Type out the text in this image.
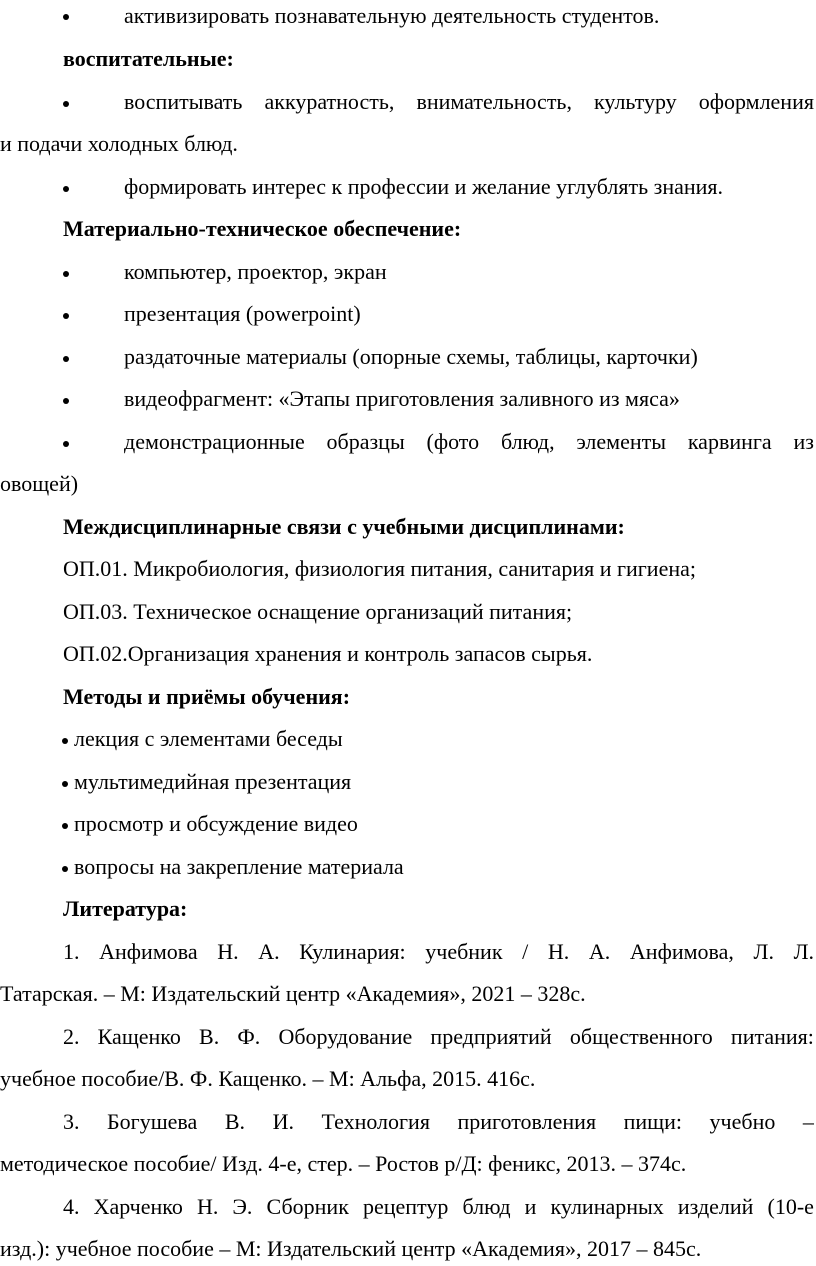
активизировать познавательную деятельность студентов.
воспитательные:
воспитывать аккуратность, внимательность, культуру оформления
и подачи холодных блюд.
формировать интерес к профессии и желание углублять знания.
Материально-техническое обеспечение:
компьютер, проектор, экран
презентация (powerpoint)
раздаточные материалы (опорные схемы, таблицы, карточки)
видеофрагмент: «Этапы приготовления заливного из мяса»
демонстрационные образцы (фото блюд, элементы карвинга из
овощей)
Междисциплинарные связи с учебными дисциплинами:
ОП.01. Микробиология, физиология питания, санитария и гигиена;
ОП.03. Техническое оснащение организаций питания;
ОП.02.Организация хранения и контроль запасов сырья.
Методы и приёмы обучения:
лекция с элементами беседы
мультимедийная презентация
просмотр и обсуждение видео
вопросы на закрепление материала
Литература:
1. Анфимова Н. А. Кулинария: учебник / Н. А. Анфимова, Л. Л.
Татарская. – М: Издательский центр «Академия», 2021 – 328с.
2. Кащенко В. Ф. Оборудование предприятий общественного питания:
учебное пособие/В. Ф. Кащенко. – М: Альфа, 2015. 416с.
3. Богушева В. И. Технология приготовления пищи: учебно –
методическое пособие/ Изд. 4-е, стер. – Ростов р/Д: феникс, 2013. – 374с.
4. Харченко Н. Э. Сборник рецептур блюд и кулинарных изделий (10-е
изд.): учебное пособие – М: Издательский центр «Академия», 2017 – 845с.
